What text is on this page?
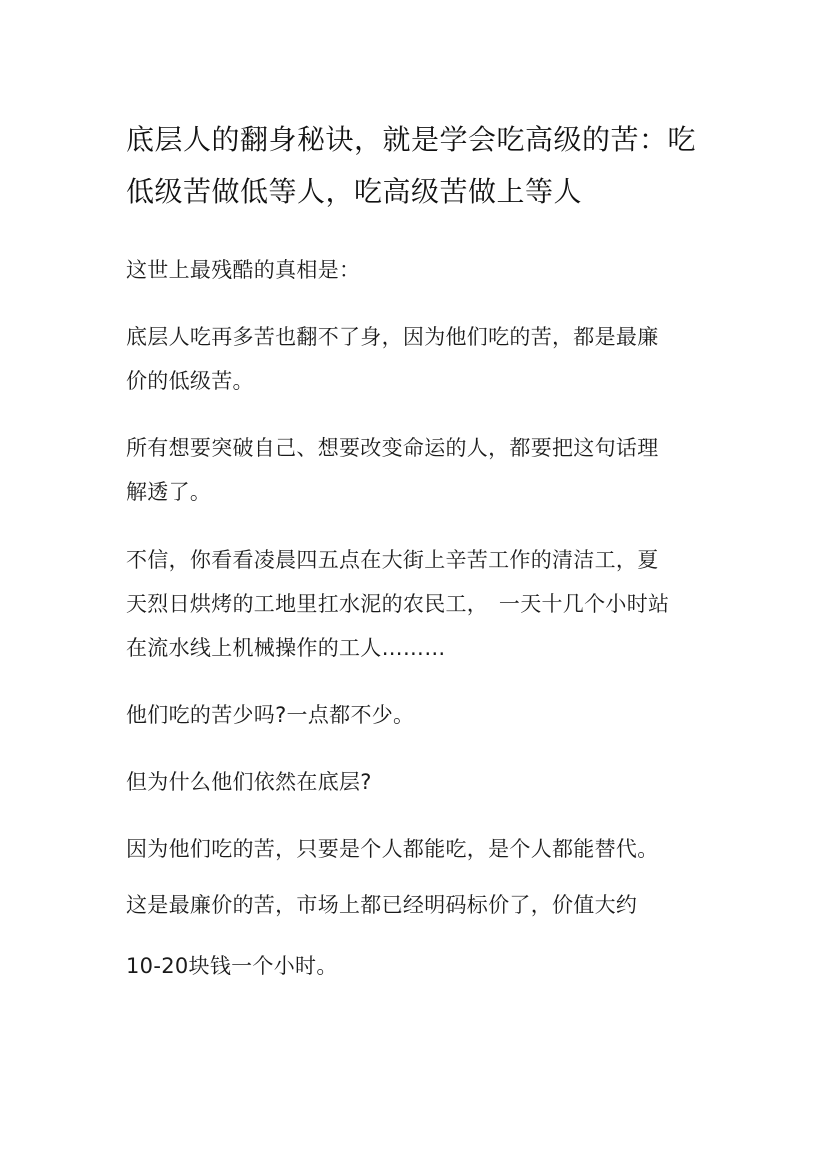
底层人的翻身秘诀，就是学会吃高级的苦：吃
低级苦做低等人，吃高级苦做上等人

这世上最残酷的真相是：

底层人吃再多苦也翻不了身，因为他们吃的苦，都是最廉
价的低级苦。

所有想要突破自己、想要改变命运的人，都要把这句话理
解透了。

不信，你看看凌晨四五点在大街上辛苦工作的清洁工，夏
天烈日烘烤的工地里扛水泥的农民工，　一天十几个小时站
在流水线上机械操作的工人………

他们吃的苦少吗?一点都不少。

但为什么他们依然在底层?

因为他们吃的苦，只要是个人都能吃，是个人都能替代。

这是最廉价的苦，市场上都已经明码标价了，价值大约

10-20块钱一个小时。
